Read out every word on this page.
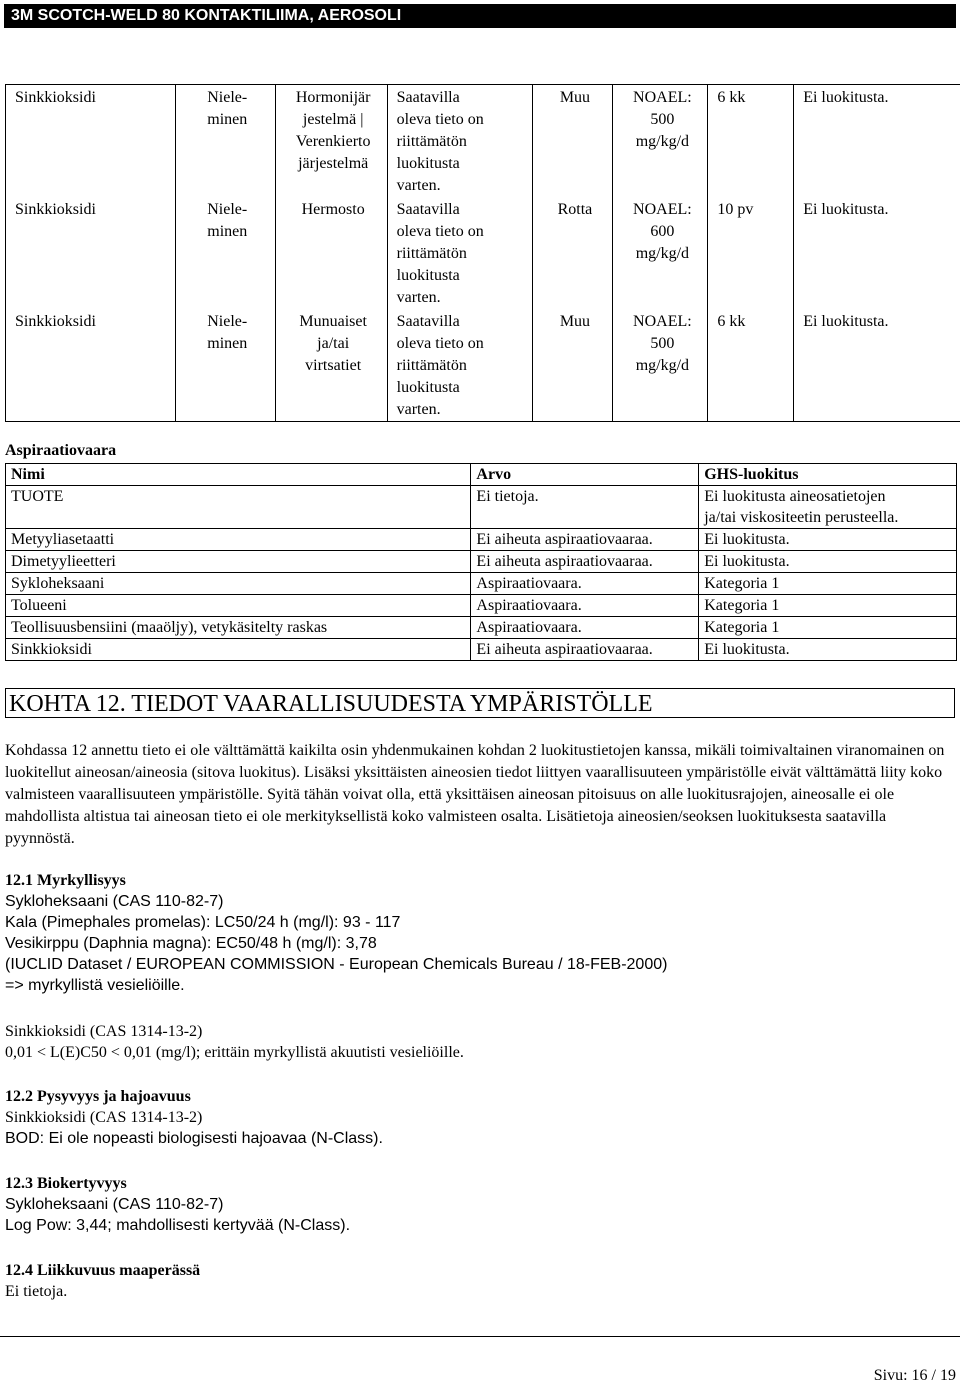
3M SCOTCH-WELD 80 KONTAKTILIIMA, AEROSOLI
Sinkkioksidi	Niele-
minen	Hormonijär
jestelmä |
Verenkierto
järjestelmä	Saatavilla
oleva tieto on
riittämätön
luokitusta
varten.	Muu	NOAEL:
500
mg/kg/d	6 kk	Ei luokitusta.
Sinkkioksidi	Niele-
minen	Hermosto	Saatavilla
oleva tieto on
riittämätön
luokitusta
varten.	Rotta	NOAEL:
600
mg/kg/d	10 pv	Ei luokitusta.
Sinkkioksidi	Niele-
minen	Munuaiset
ja/tai
virtsatiet	Saatavilla
oleva tieto on
riittämätön
luokitusta
varten.	Muu	NOAEL:
500
mg/kg/d	6 kk	Ei luokitusta.
Aspiraatiovaara
Nimi	Arvo	GHS-luokitus
TUOTE	Ei tietoja.	Ei luokitusta aineosatietojen
ja/tai viskositeetin perusteella.
Metyyliasetaatti	Ei aiheuta aspiraatiovaaraa.	Ei luokitusta.
Dimetyylieetteri	Ei aiheuta aspiraatiovaaraa.	Ei luokitusta.
Sykloheksaani	Aspiraatiovaara.	Kategoria 1
Tolueeni	Aspiraatiovaara.	Kategoria 1
Teollisuusbensiini (maaöljy), vetykäsitelty raskas	Aspiraatiovaara.	Kategoria 1
Sinkkioksidi	Ei aiheuta aspiraatiovaaraa.	Ei luokitusta.
KOHTA 12. TIEDOT VAARALLISUUDESTA YMPÄRISTÖLLE
Kohdassa 12 annettu tieto ei ole välttämättä kaikilta osin yhdenmukainen kohdan 2 luokitustietojen kanssa, mikäli toimivaltainen viranomainen on luokitellut aineosan/aineosia (sitova luokitus). Lisäksi yksittäisten aineosien tiedot liittyen vaarallisuuteen ympäristölle eivät välttämättä liity koko valmisteen vaarallisuuteen ympäristölle. Syitä tähän voivat olla, että yksittäisen aineosan pitoisuus on alle luokitusrajojen, aineosalle ei ole mahdollista altistua tai aineosan tieto ei ole merkityksellistä koko valmisteen osalta. Lisätietoja aineosien/seoksen luokituksesta saatavilla pyynnöstä.
12.1 Myrkyllisyys
Sykloheksaani (CAS 110-82-7)
Kala (Pimephales promelas): LC50/24 h (mg/l): 93 - 117
Vesikirppu (Daphnia magna): EC50/48 h (mg/l): 3,78
(IUCLID Dataset / EUROPEAN COMMISSION - European Chemicals Bureau / 18-FEB-2000)
=> myrkyllistä vesieliöille.
Sinkkioksidi (CAS 1314-13-2)
0,01 < L(E)C50 < 0,01 (mg/l); erittäin myrkyllistä akuutisti vesieliöille.
12.2 Pysyvyys ja hajoavuus
Sinkkioksidi (CAS 1314-13-2)
BOD: Ei ole nopeasti biologisesti hajoavaa (N-Class).
12.3 Biokertyvyys
Sykloheksaani (CAS 110-82-7)
Log Pow: 3,44; mahdollisesti kertyvää (N-Class).
12.4 Liikkuvuus maaperässä
Ei tietoja.
Sivu: 16 / 19
